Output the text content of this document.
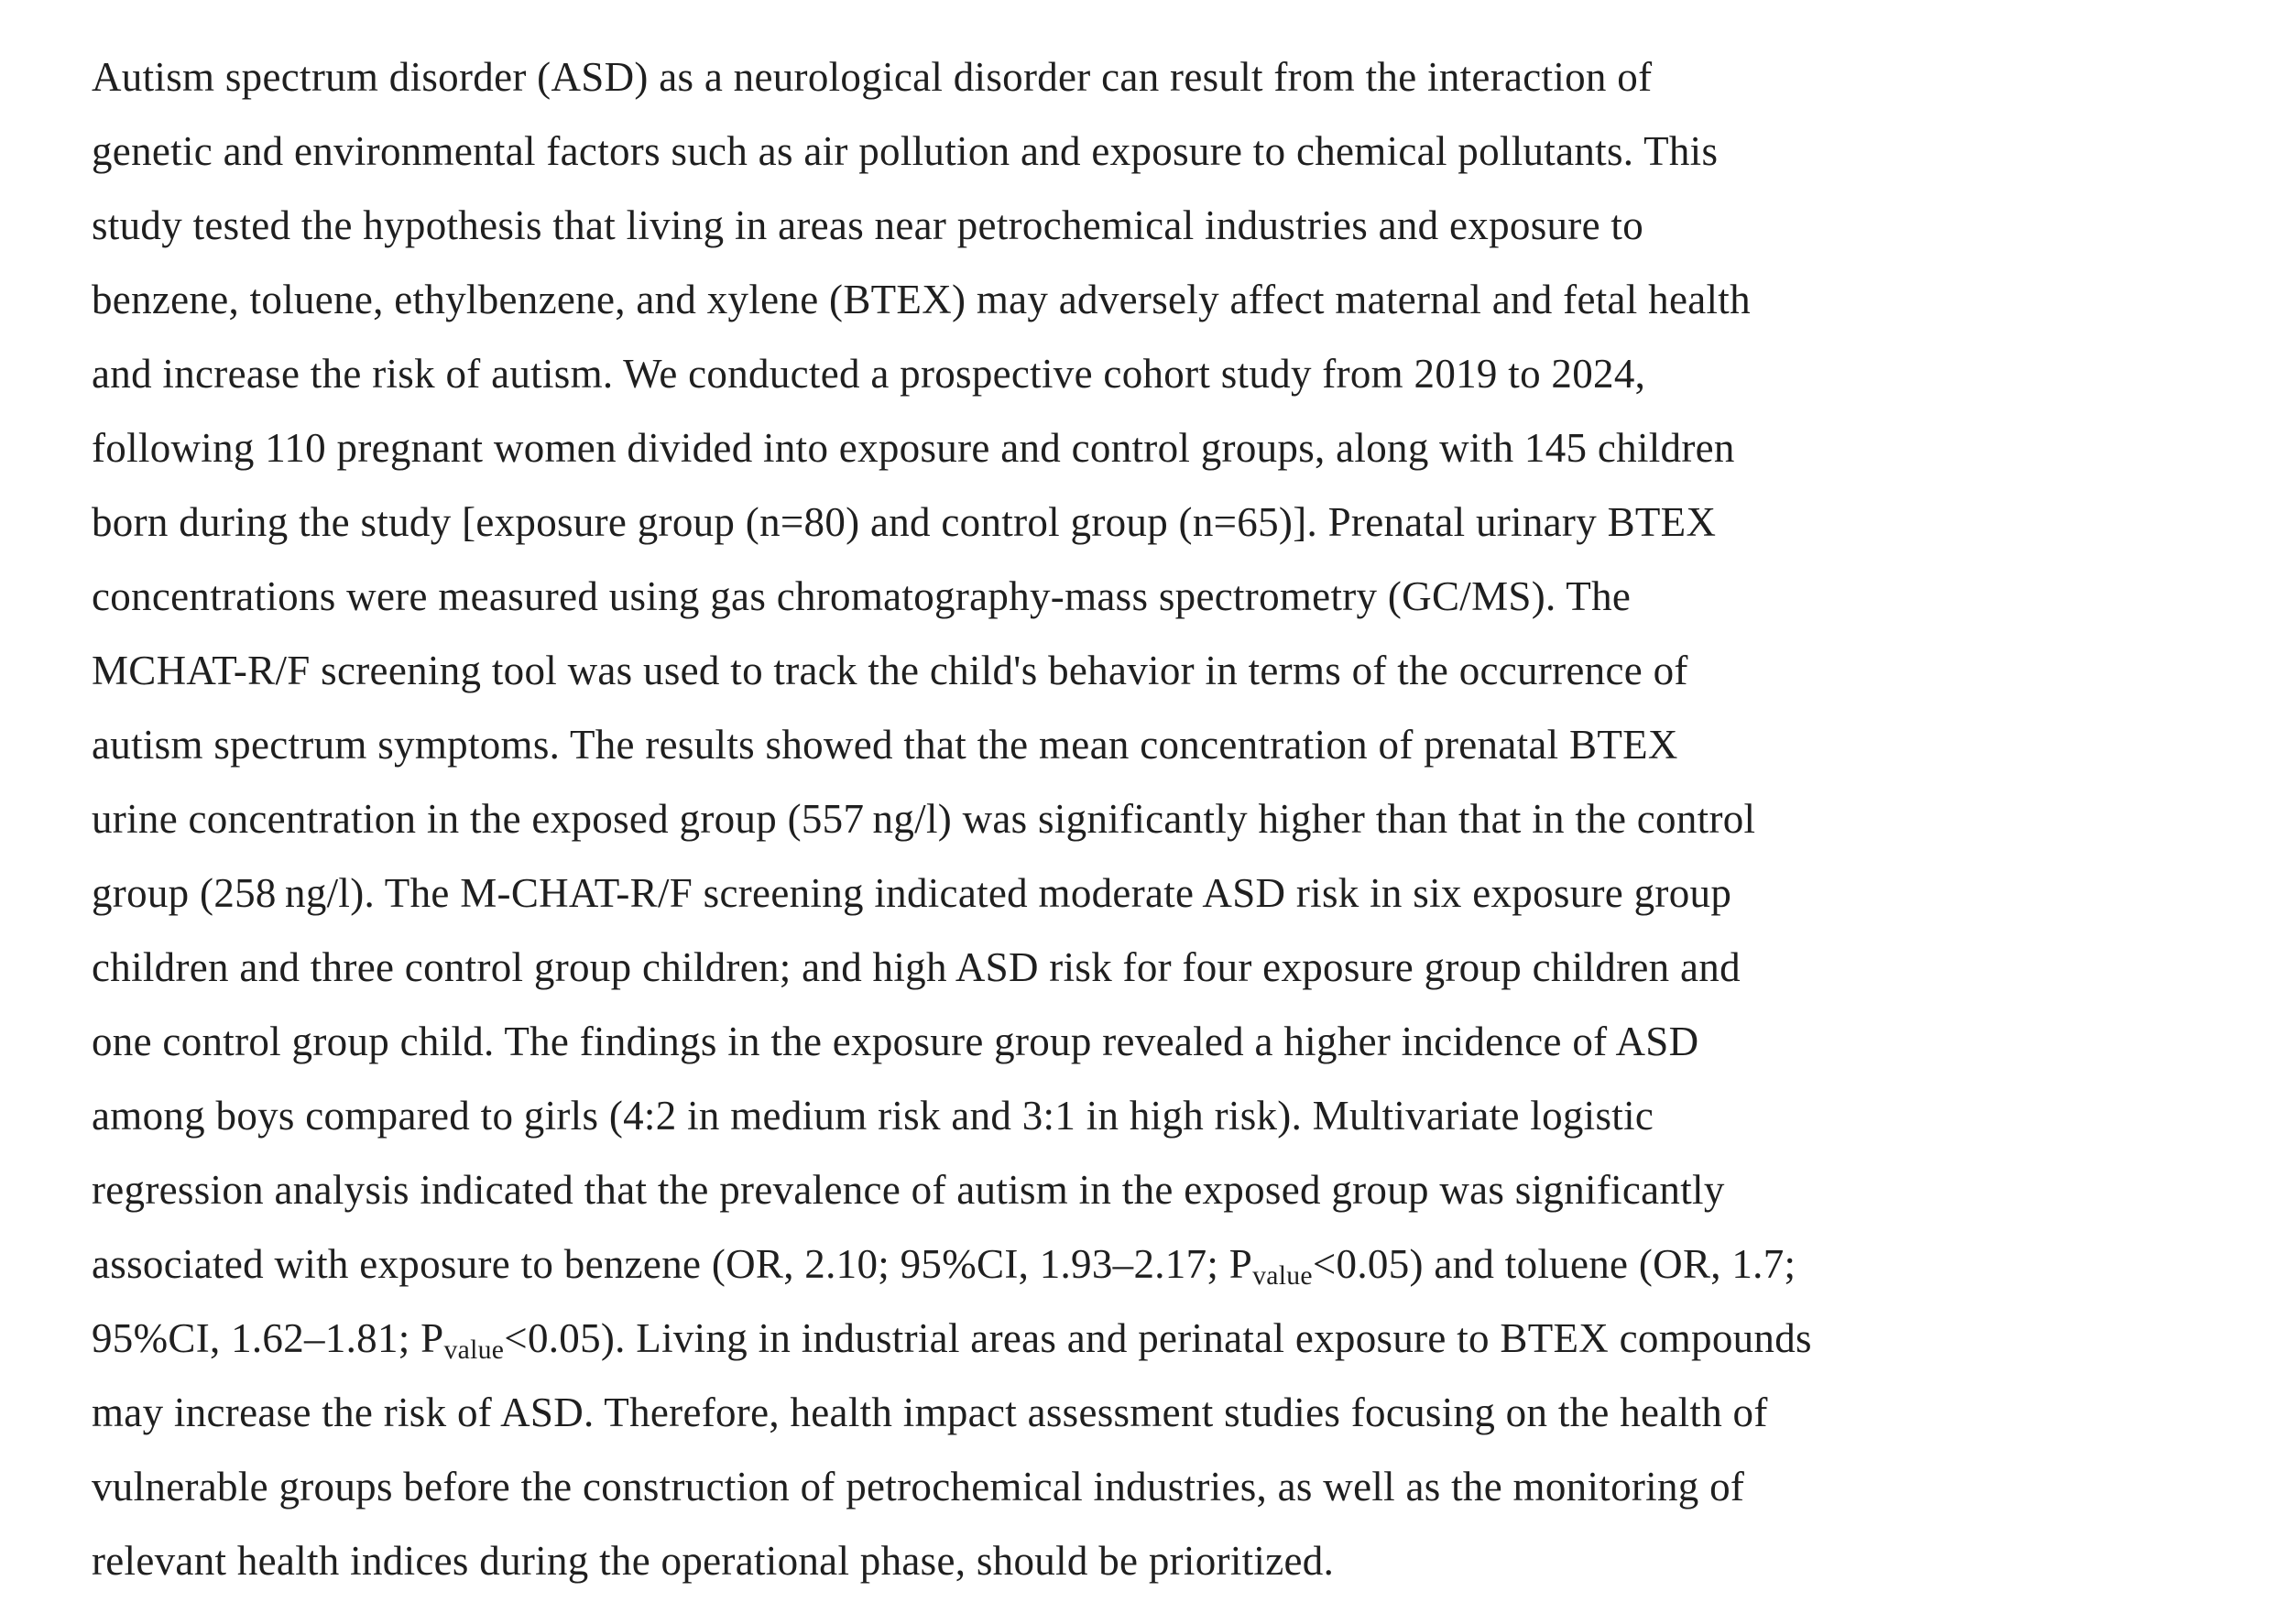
Autism spectrum disorder (ASD) as a neurological disorder can result from the interaction of
genetic and environmental factors such as air pollution and exposure to chemical pollutants. This
study tested the hypothesis that living in areas near petrochemical industries and exposure to
benzene, toluene, ethylbenzene, and xylene (BTEX) may adversely affect maternal and fetal health
and increase the risk of autism. We conducted a prospective cohort study from 2019 to 2024,
following 110 pregnant women divided into exposure and control groups, along with 145 children
born during the study [exposure group (n=80) and control group (n=65)]. Prenatal urinary BTEX
concentrations were measured using gas chromatography-mass spectrometry (GC/MS). The
MCHAT-R/F screening tool was used to track the child's behavior in terms of the occurrence of
autism spectrum symptoms. The results showed that the mean concentration of prenatal BTEX
urine concentration in the exposed group (557 ng/l) was significantly higher than that in the control
group (258 ng/l). The M-CHAT-R/F screening indicated moderate ASD risk in six exposure group
children and three control group children; and high ASD risk for four exposure group children and
one control group child. The findings in the exposure group revealed a higher incidence of ASD
among boys compared to girls (4:2 in medium risk and 3:1 in high risk). Multivariate logistic
regression analysis indicated that the prevalence of autism in the exposed group was significantly
associated with exposure to benzene (OR, 2.10; 95%CI, 1.93–2.17; $P_{value}<0.05$) and toluene (OR, 1.7;
95%CI, 1.62–1.81; $P_{value}<0.05$). Living in industrial areas and perinatal exposure to BTEX compounds
may increase the risk of ASD. Therefore, health impact assessment studies focusing on the health of
vulnerable groups before the construction of petrochemical industries, as well as the monitoring of
relevant health indices during the operational phase, should be prioritized.
